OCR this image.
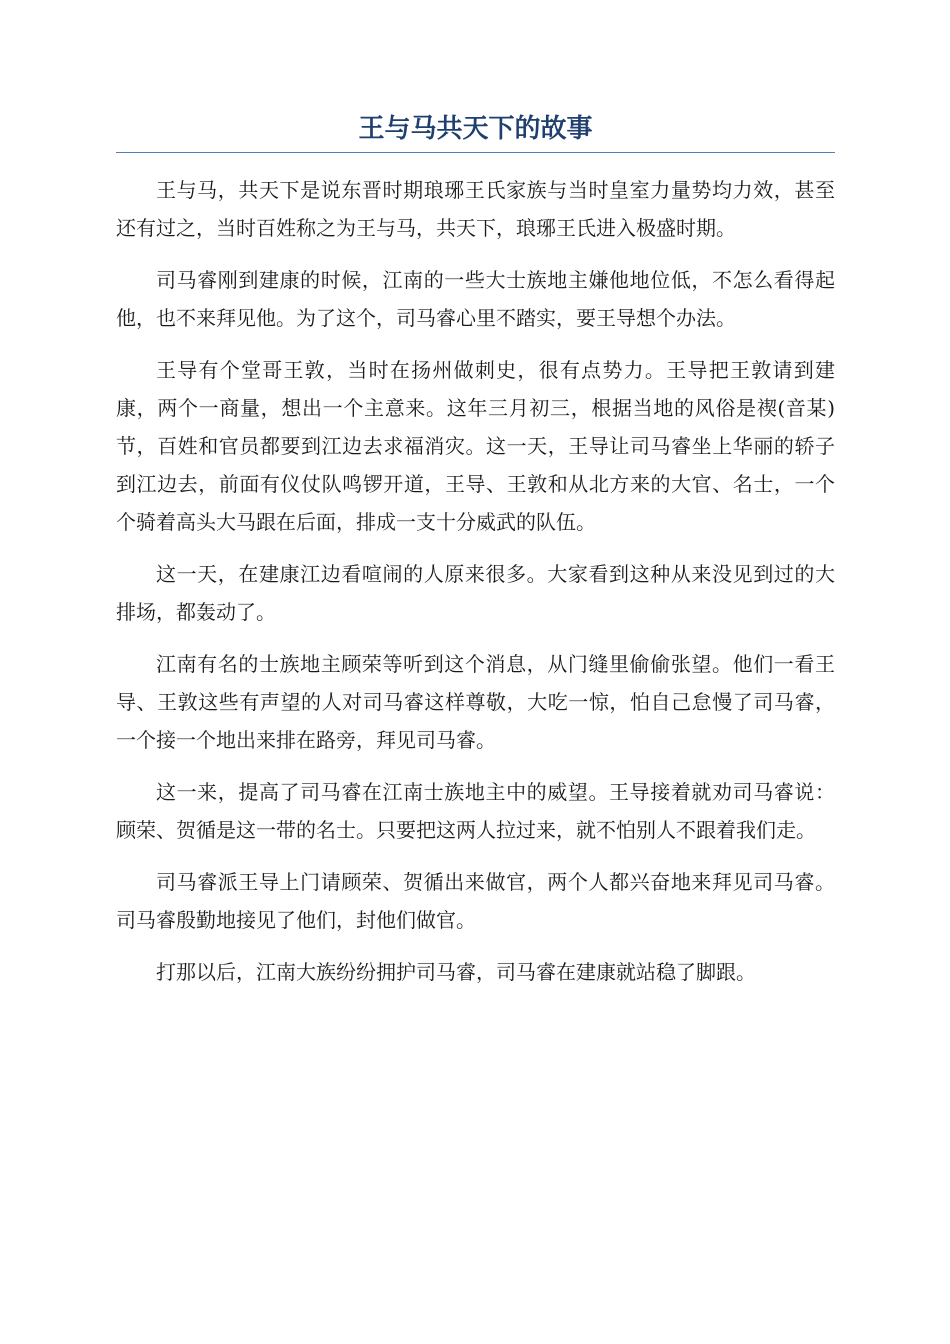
王与马共天下的故事

王与马，共天下是说东晋时期琅琊王氏家族与当时皇室力量势均力效，甚至还有过之，当时百姓称之为王与马，共天下，琅琊王氏进入极盛时期。

司马睿刚到建康的时候，江南的一些大士族地主嫌他地位低，不怎么看得起他，也不来拜见他。为了这个，司马睿心里不踏实，要王导想个办法。

王导有个堂哥王敦，当时在扬州做刺史，很有点势力。王导把王敦请到建康，两个一商量，想出一个主意来。这年三月初三，根据当地的风俗是禊(音某)节，百姓和官员都要到江边去求福消灾。这一天，王导让司马睿坐上华丽的轿子到江边去，前面有仪仗队鸣锣开道，王导、王敦和从北方来的大官、名士，一个个骑着高头大马跟在后面，排成一支十分威武的队伍。

这一天，在建康江边看喧闹的人原来很多。大家看到这种从来没见到过的大排场，都轰动了。

江南有名的士族地主顾荣等听到这个消息，从门缝里偷偷张望。他们一看王导、王敦这些有声望的人对司马睿这样尊敬，大吃一惊，怕自己怠慢了司马睿，一个接一个地出来排在路旁，拜见司马睿。

这一来，提高了司马睿在江南士族地主中的威望。王导接着就劝司马睿说：顾荣、贺循是这一带的名士。只要把这两人拉过来，就不怕别人不跟着我们走。

司马睿派王导上门请顾荣、贺循出来做官，两个人都兴奋地来拜见司马睿。司马睿殷勤地接见了他们，封他们做官。

打那以后，江南大族纷纷拥护司马睿，司马睿在建康就站稳了脚跟。
